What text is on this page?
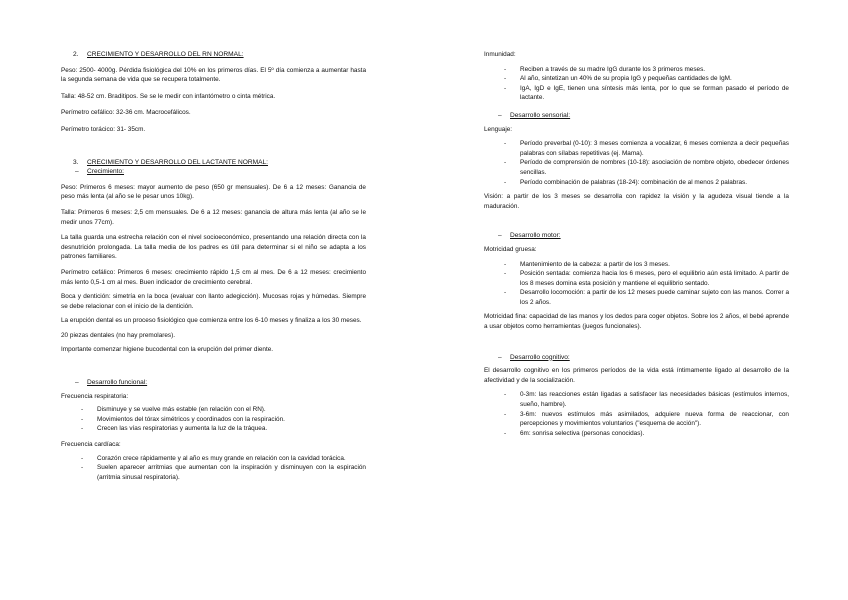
2. CRECIMIENTO Y DESARROLLO DEL RN NORMAL:

Peso: 2500- 4000g. Pérdida fisiológica del 10% en los primeros días. El 5º día comienza a aumentar hasta la segunda semana de vida que se recupera totalmente.

Talla: 48-52 cm. Braditipos. Se se le medir con infantómetro o cinta métrica.

Perímetro cefálico: 32-36 cm. Macrocefálicos.

Perímetro torácico: 31- 35cm.

3. CRECIMIENTO Y DESARROLLO DEL LACTANTE NORMAL:
– Crecimiento:

Peso: Primeros 6 meses: mayor aumento de peso (650 gr mensuales). De 6 a 12 meses: Ganancia de peso más lenta (al año se le pesar unos 10kg).

Talla: Primeros 6 meses: 2,5 cm mensuales. De 6 a 12 meses: ganancia de altura más lenta (al año se le medir unos 77cm).

La talla guarda una estrecha relación con el nivel socioeconómico, presentando una relación directa con la desnutrición prolongada. La talla media de los padres es útil para determinar si el niño se adapta a los patrones familiares.

Perímetro cefálico: Primeros 6 meses: crecimiento rápido 1,5 cm al mes. De 6 a 12 meses: crecimiento más lento 0,5-1 cm al mes. Buen indicador de crecimiento cerebral.

Boca y dentición: simetría en la boca (evaluar con llanto adegicción). Mucosas rojas y húmedas. Siempre se debe relacionar con el inicio de la dentición.

La erupción dental es un proceso fisiológico que comienza entre los 6-10 meses y finaliza a los 30 meses.

20 piezas dentales (no hay premolares).

Importante comenzar higiene bucodental con la erupción del primer diente.

– Desarrollo funcional:

Frecuencia respiratoria:

- Disminuye y se vuelve más estable (en relación con el RN).
- Movimientos del tórax simétricos y coordinados con la respiración.
- Crecen las vías respiratorias y aumenta la luz de la tráquea.

Frecuencia cardíaca:

- Corazón crece rápidamente y al año es muy grande en relación con la cavidad torácica.
- Suelen aparecer arritmias que aumentan con la inspiración y disminuyen con la espiración (arritmia sinusal respiratoria).

Inmunidad:

- Reciben a través de su madre IgG durante los 3 primeros meses.
- Al año, sintetizan un 40% de su propia IgG y pequeñas cantidades de IgM.
- IgA, IgD e IgE, tienen una síntesis más lenta, por lo que se forman pasado el período de lactante.
– Desarrollo sensorial:

Lenguaje:

- Período preverbal (0-10): 3 meses comienza a vocalizar, 6 meses comienza a decir pequeñas palabras con sílabas repetitivas (ej. Mama).
- Período de comprensión de nombres (10-18): asociación de nombre objeto, obedecer órdenes sencillas.
- Período combinación de palabras (18-24): combinación de al menos 2 palabras.

Visión: a partir de los 3 meses se desarrolla con rapidez la visión y la agudeza visual tiende a la maduración.

– Desarrollo motor:

Motricidad gruesa:

- Mantenimiento de la cabeza: a partir de los 3 meses.
- Posición sentada: comienza hacia los 6 meses, pero el equilibrio aún está limitado. A partir de los 8 meses domina esta posición y mantiene el equilibrio sentado.
- Desarrollo locomoción: a partir de los 12 meses puede caminar sujeto con las manos. Correr a los 2 años.

Motricidad fina: capacidad de las manos y los dedos para coger objetos. Sobre los 2 años, el bebé aprende a usar objetos como herramientas (juegos funcionales).

– Desarrollo cognitivo:

El desarrollo cognitivo en los primeros períodos de la vida está íntimamente ligado al desarrollo de la afectividad y de la socialización.

- 0-3m: las reacciones están ligadas a satisfacer las necesidades básicas (estímulos internos, sueño, hambre).
- 3-6m: nuevos estímulos más asimilados, adquiere nueva forma de reaccionar, con percepciones y movimientos voluntarios ("esquema de acción").
- 6m: sonrisa selectiva (personas conocidas).
